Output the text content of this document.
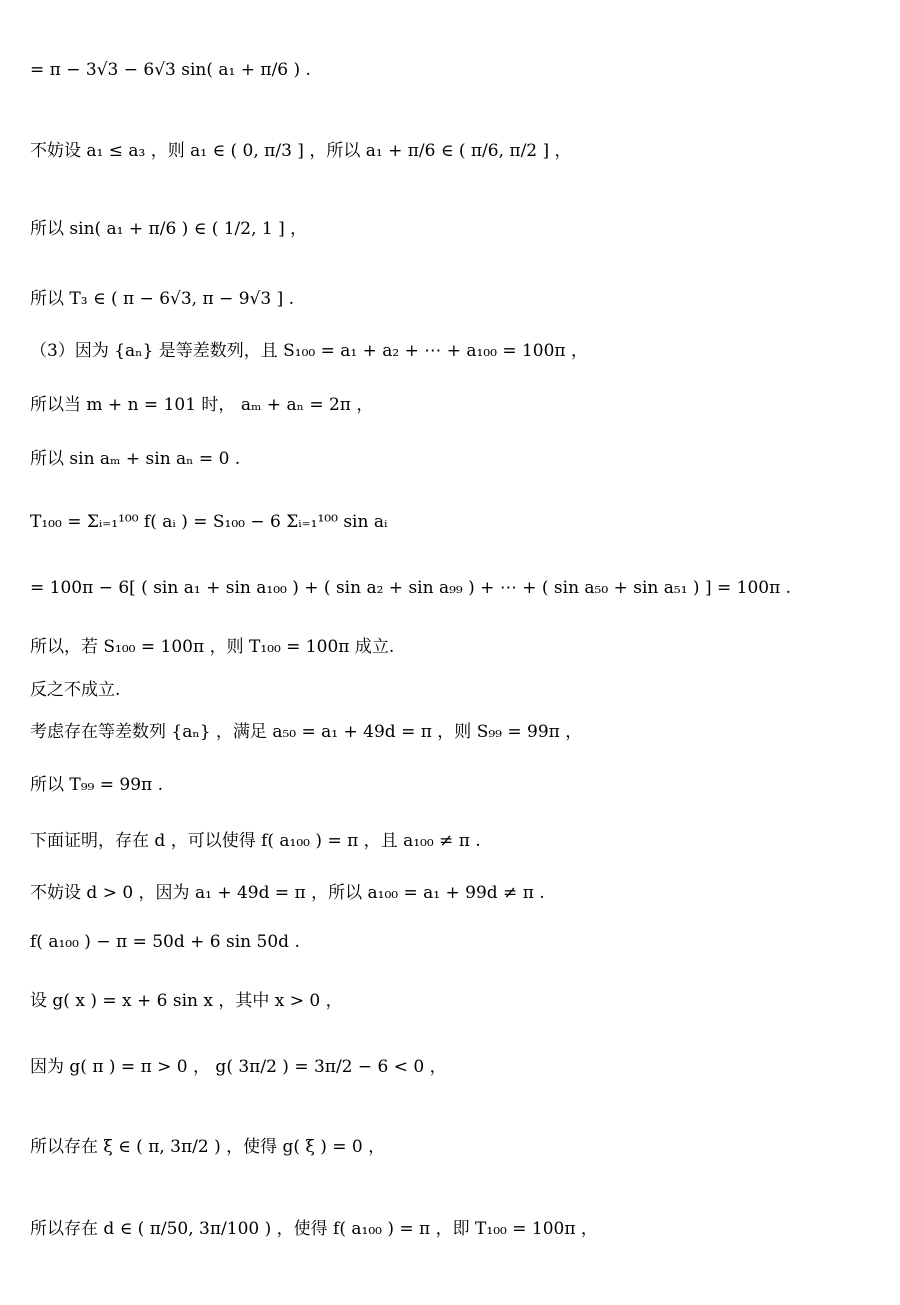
= π − 3√3 − 6√3 sin( a₁ + π/6 ) .
不妨设 a₁ ≤ a₃ ，则 a₁ ∈ ( 0, π/3 ] ，所以 a₁ + π/6 ∈ ( π/6, π/2 ] ，
所以 sin( a₁ + π/6 ) ∈ ( 1/2, 1 ] ，
所以 T₃ ∈ ( π − 6√3, π − 9√3 ] .
（3）因为 {aₙ} 是等差数列，且 S₁₀₀ = a₁ + a₂ + ⋯ + a₁₀₀ = 100π ，
所以当 m + n = 101 时， aₘ + aₙ = 2π ，
所以 sin aₘ + sin aₙ = 0 .
T₁₀₀ = Σᵢ₌₁¹⁰⁰ f( aᵢ ) = S₁₀₀ − 6 Σᵢ₌₁¹⁰⁰ sin aᵢ
= 100π − 6[ ( sin a₁ + sin a₁₀₀ ) + ( sin a₂ + sin a₉₉ ) + ⋯ + ( sin a₅₀ + sin a₅₁ ) ] = 100π .
所以，若 S₁₀₀ = 100π ，则 T₁₀₀ = 100π 成立.
反之不成立.
考虑存在等差数列 {aₙ} ，满足 a₅₀ = a₁ + 49d = π ，则 S₉₉ = 99π ，
所以 T₉₉ = 99π .
下面证明，存在 d ，可以使得 f( a₁₀₀ ) = π ，且 a₁₀₀ ≠ π .
不妨设 d > 0 ，因为 a₁ + 49d = π ，所以 a₁₀₀ = a₁ + 99d ≠ π .
f( a₁₀₀ ) − π = 50d + 6 sin 50d .
设 g( x ) = x + 6 sin x ，其中 x > 0 ，
因为 g( π ) = π > 0 ， g( 3π/2 ) = 3π/2 − 6 < 0 ，
所以存在 ξ ∈ ( π, 3π/2 ) ，使得 g( ξ ) = 0 ，
所以存在 d ∈ ( π/50, 3π/100 ) ，使得 f( a₁₀₀ ) = π ，即 T₁₀₀ = 100π ，
